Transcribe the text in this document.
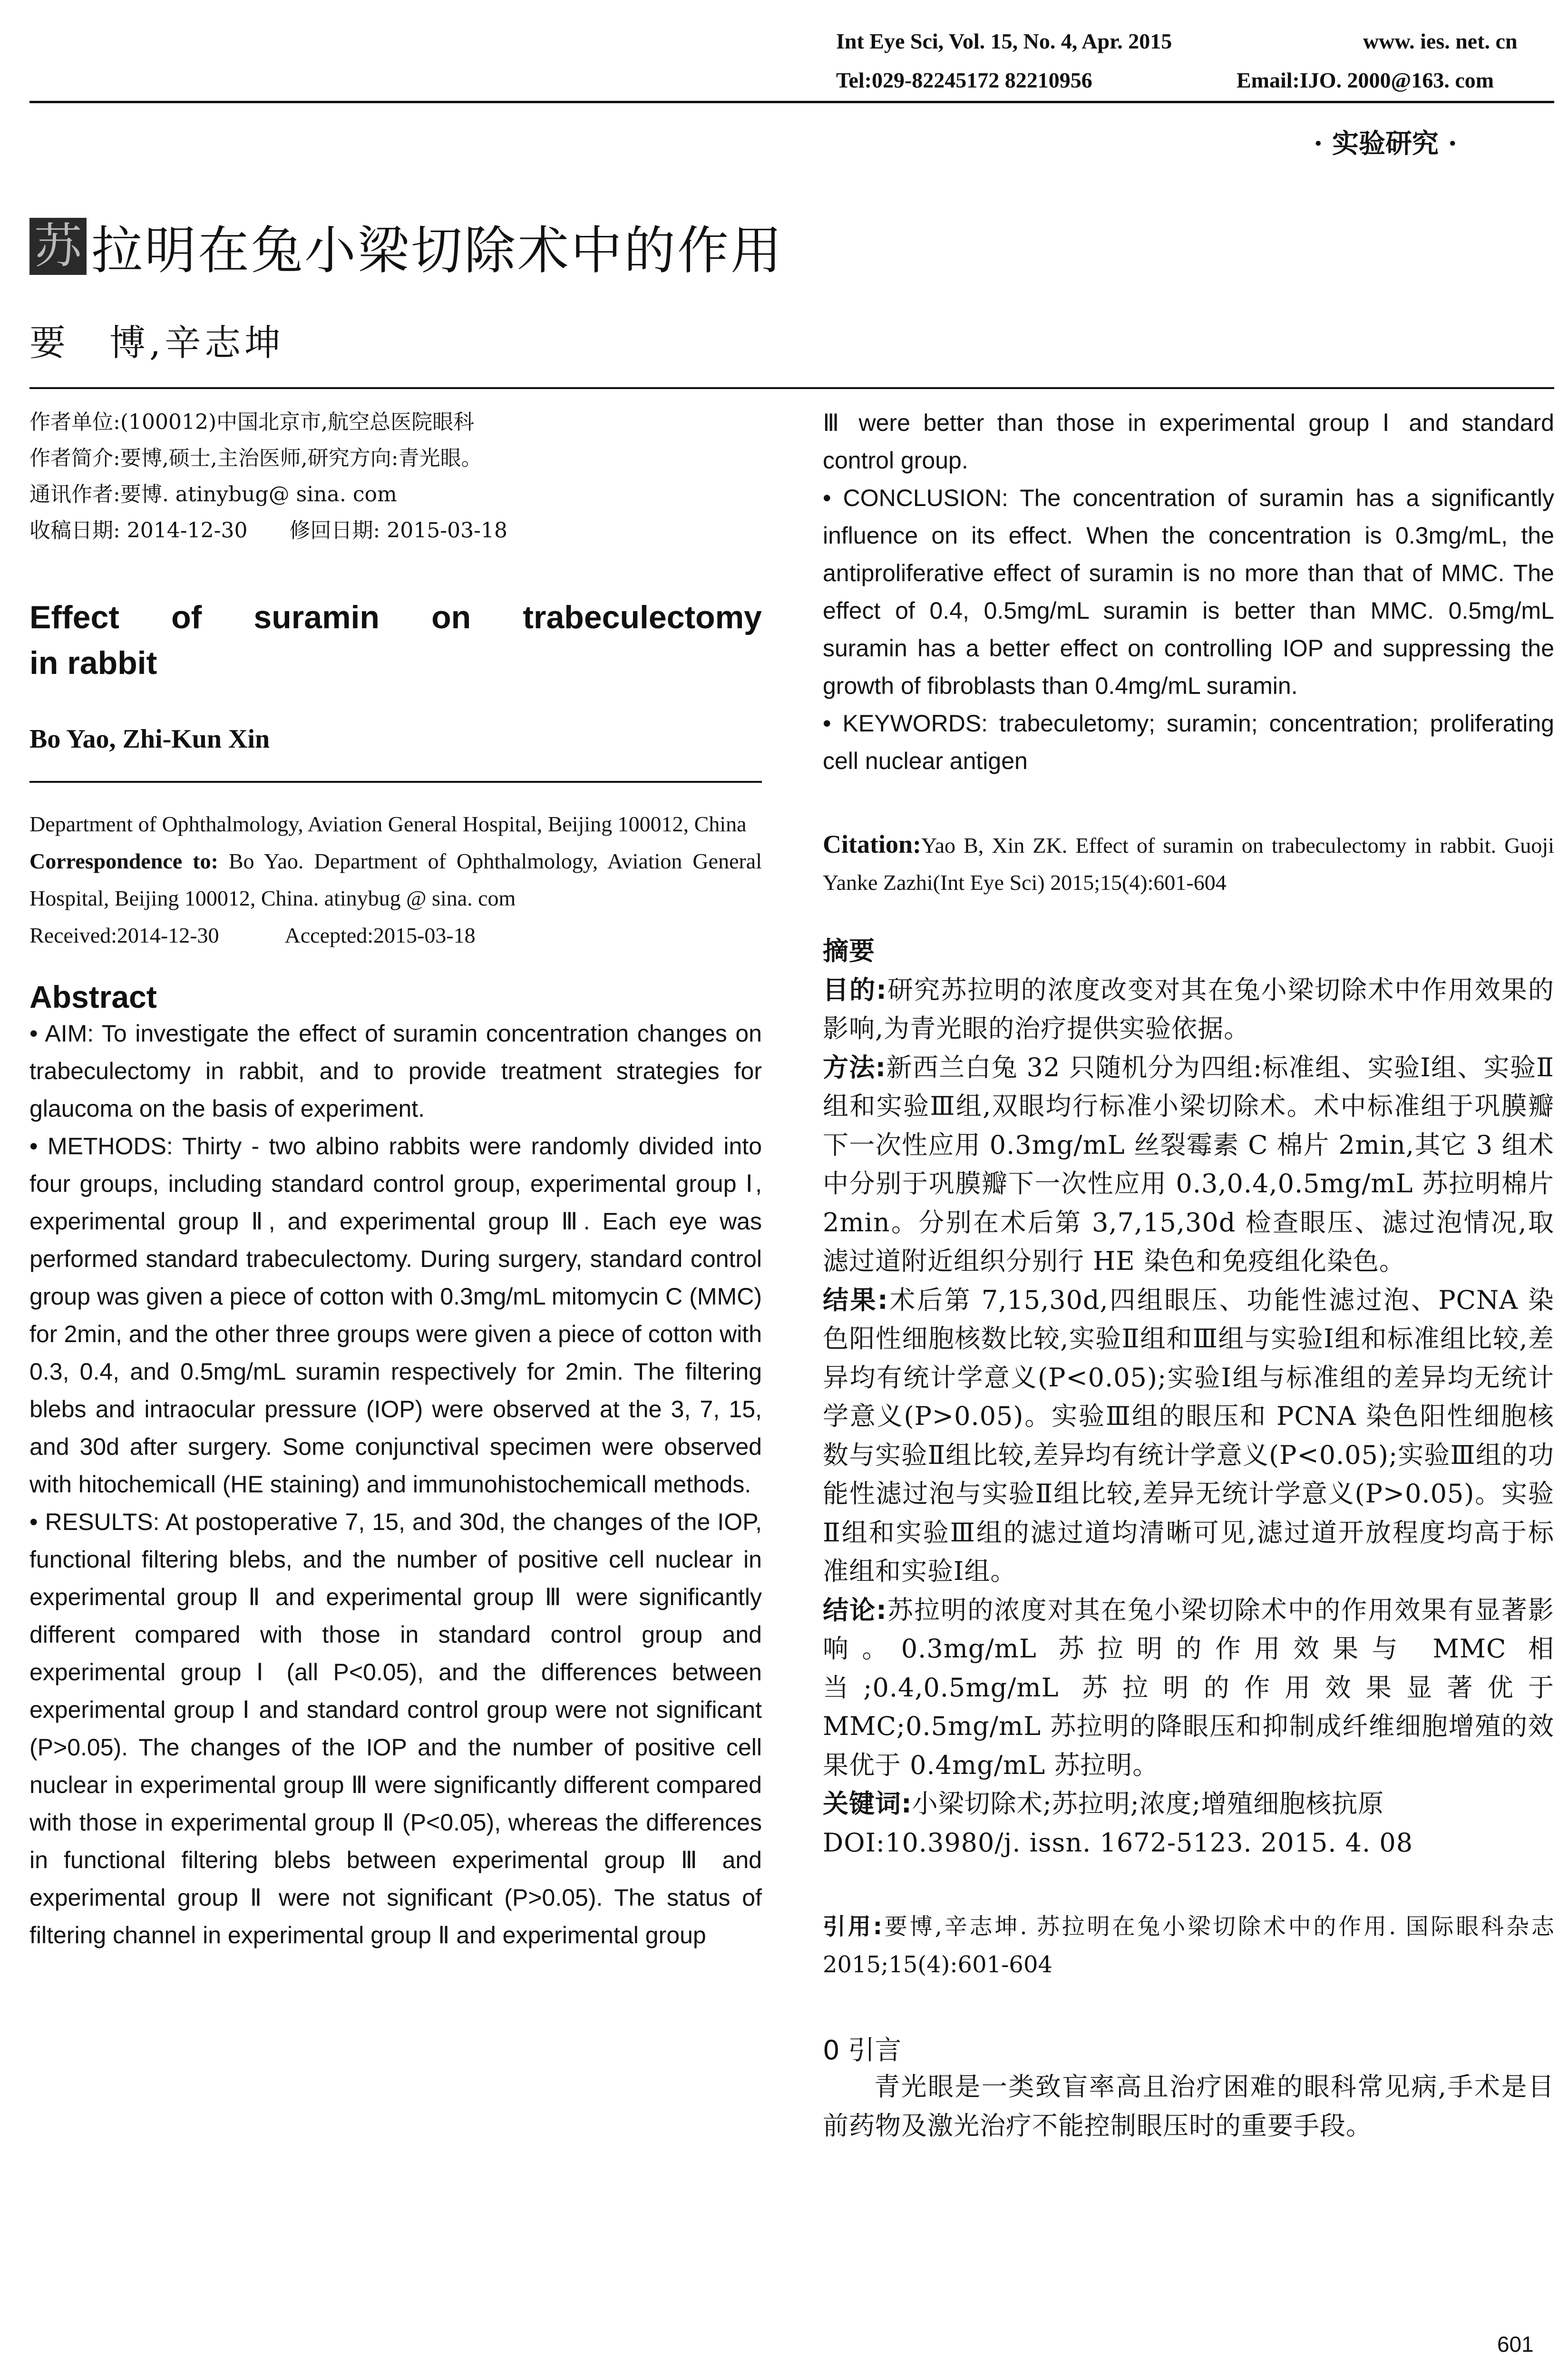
Int Eye Sci, Vol. 15, No. 4, Apr. 2015	www. ies. net. cn
Tel:029-82245172 82210956	Email:IJO. 2000@163. com
· 实验研究 ·
苏 拉明在兔小梁切除术中的作用
要　博,辛志坤

作者单位:(100012)中国北京市,航空总医院眼科

作者简介:要博,硕士,主治医师,研究方向:青光眼。

通讯作者:要博. atinybug@ sina. com

收稿日期: 2014-12-30　　修回日期: 2015-03-18

Effect of suramin on trabeculectomy
in rabbit
Bo Yao, Zhi-Kun Xin

Department of Ophthalmology, Aviation General Hospital, Beijing 100012, China

Correspondence to: Bo Yao. Department of Ophthalmology, Aviation General Hospital, Beijing 100012, China. atinybug @ sina. com

Received:2014-12-30　　　Accepted:2015-03-18

Abstract

• AIM: To investigate the effect of suramin concentration changes on trabeculectomy in rabbit, and to provide treatment strategies for glaucoma on the basis of experiment.

• METHODS: Thirty - two albino rabbits were randomly divided into four groups, including standard control group, experimental group Ⅰ, experimental group Ⅱ, and experimental group Ⅲ. Each eye was performed standard trabeculectomy. During surgery, standard control group was given a piece of cotton with 0.3mg/mL mitomycin C (MMC) for 2min, and the other three groups were given a piece of cotton with 0.3, 0.4, and 0.5mg/mL suramin respectively for 2min. The filtering blebs and intraocular pressure (IOP) were observed at the 3, 7, 15, and 30d after surgery. Some conjunctival specimen were observed with hitochemicall (HE staining) and immunohistochemicall methods.

• RESULTS: At postoperative 7, 15, and 30d, the changes of the IOP, functional filtering blebs, and the number of positive cell nuclear in experimental group Ⅱ and experimental group Ⅲ were significantly different compared with those in standard control group and experimental group Ⅰ (all P<0.05), and the differences between experimental group Ⅰ and standard control group were not significant (P>0.05). The changes of the IOP and the number of positive cell nuclear in experimental group Ⅲ were significantly different compared with those in experimental group Ⅱ (P<0.05), whereas the differences in functional filtering blebs between experimental group Ⅲ and experimental group Ⅱ were not significant (P>0.05). The status of filtering channel in experimental group Ⅱ and experimental group

Ⅲ were better than those in experimental group Ⅰ and standard control group.

• CONCLUSION: The concentration of suramin has a significantly influence on its effect. When the concentration is 0.3mg/mL, the antiproliferative effect of suramin is no more than that of MMC. The effect of 0.4, 0.5mg/mL suramin is better than MMC. 0.5mg/mL suramin has a better effect on controlling IOP and suppressing the growth of fibroblasts than 0.4mg/mL suramin.

• KEYWORDS: trabeculetomy; suramin; concentration; proliferating cell nuclear antigen

Citation:Yao B, Xin ZK. Effect of suramin on trabeculectomy in rabbit. Guoji Yanke Zazhi(Int Eye Sci) 2015;15(4):601-604

摘要

目的:研究苏拉明的浓度改变对其在兔小梁切除术中作用效果的影响,为青光眼的治疗提供实验依据。

方法:新西兰白兔 32 只随机分为四组:标准组、实验Ⅰ组、实验Ⅱ组和实验Ⅲ组,双眼均行标准小梁切除术。术中标准组于巩膜瓣下一次性应用 0.3mg/mL 丝裂霉素 C 棉片 2min,其它 3 组术中分别于巩膜瓣下一次性应用 0.3,0.4,0.5mg/mL 苏拉明棉片 2min。分别在术后第 3,7,15,30d 检查眼压、滤过泡情况,取滤过道附近组织分别行 HE 染色和免疫组化染色。

结果:术后第 7,15,30d,四组眼压、功能性滤过泡、PCNA 染色阳性细胞核数比较,实验Ⅱ组和Ⅲ组与实验Ⅰ组和标准组比较,差异均有统计学意义(P<0.05);实验Ⅰ组与标准组的差异均无统计学意义(P>0.05)。实验Ⅲ组的眼压和 PCNA 染色阳性细胞核数与实验Ⅱ组比较,差异均有统计学意义(P<0.05);实验Ⅲ组的功能性滤过泡与实验Ⅱ组比较,差异无统计学意义(P>0.05)。实验Ⅱ组和实验Ⅲ组的滤过道均清晰可见,滤过道开放程度均高于标准组和实验Ⅰ组。

结论:苏拉明的浓度对其在兔小梁切除术中的作用效果有显著影响。0.3mg/mL 苏拉明的作用效果与 MMC 相当;0.4,0.5mg/mL 苏拉明的作用效果显著优于 MMC;0.5mg/mL 苏拉明的降眼压和抑制成纤维细胞增殖的效果优于 0.4mg/mL 苏拉明。

关键词:小梁切除术;苏拉明;浓度;增殖细胞核抗原

DOI:10.3980/j. issn. 1672-5123. 2015. 4. 08

引用:要博,辛志坤. 苏拉明在兔小梁切除术中的作用. 国际眼科杂志 2015;15(4):601-604

0 引言
青光眼是一类致盲率高且治疗困难的眼科常见病,手术是目前药物及激光治疗不能控制眼压时的重要手段。
601
